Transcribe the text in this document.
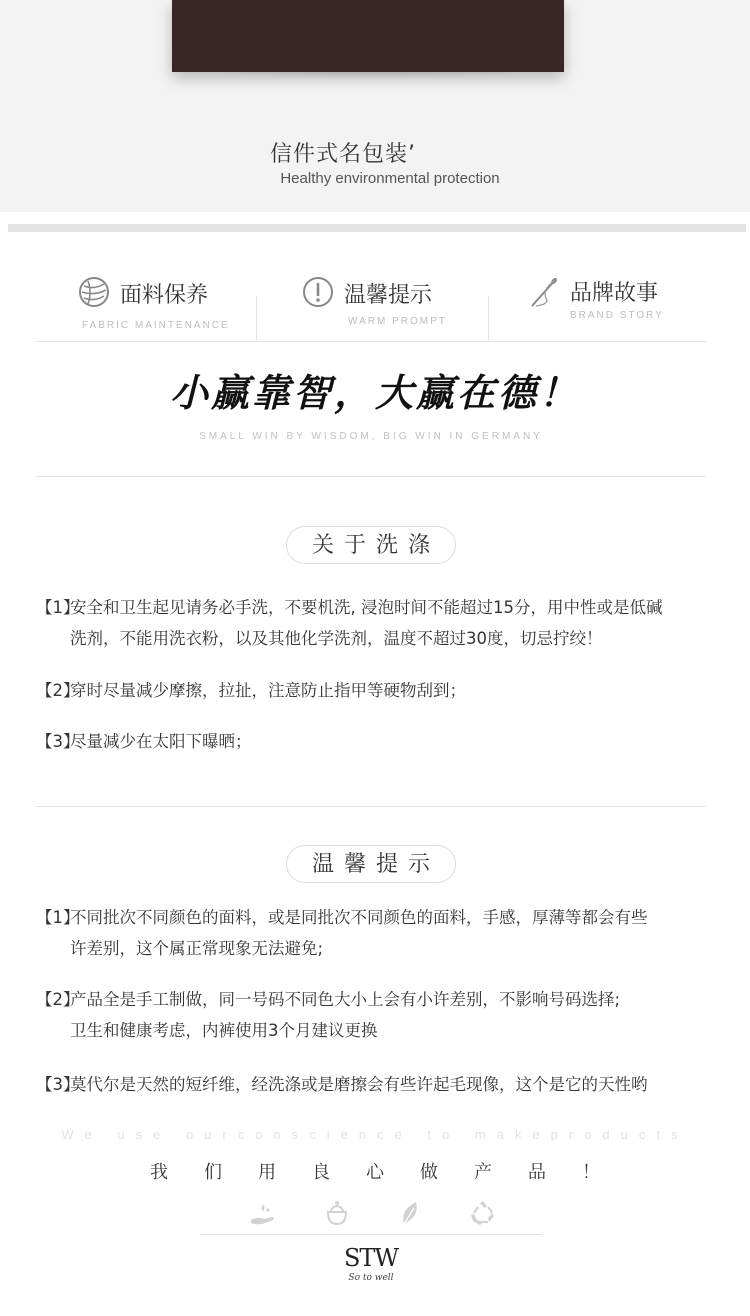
信件式名包装’
Healthy environmental protection
面料保养
FABRIC MAINTENANCE
温馨提示
WARM PROMPT
品牌故事
BRAND STORY
小赢靠智，大赢在德！
SMALL WIN BY WISDOM, BIG WIN IN GERMANY
关于洗涤
【1】安全和卫生起见请务必手洗，不要机洗, 浸泡时间不能超过15分，用中性或是低碱
洗剂，不能用洗衣粉，以及其他化学洗剂，温度不超过30度，切忌拧绞！
【2】穿时尽量减少摩擦，拉扯，注意防止指甲等硬物刮到；
【3】尽量减少在太阳下曝晒；
温馨提示
【1】不同批次不同颜色的面料，或是同批次不同颜色的面料，手感，厚薄等都会有些
许差别，这个属正常现象无法避免;
【2】产品全是手工制做，同一号码不同色大小上会有小许差别，不影响号码选择;
卫生和健康考虑，内裤使用3个月建议更换
【3】莫代尔是天然的短纤维，经洗涤或是磨擦会有些许起毛现像，这个是它的天性哟
We use ourconscience to makeproducts
我 们 用 良 心 做 产 品 ！
STW
So to well
